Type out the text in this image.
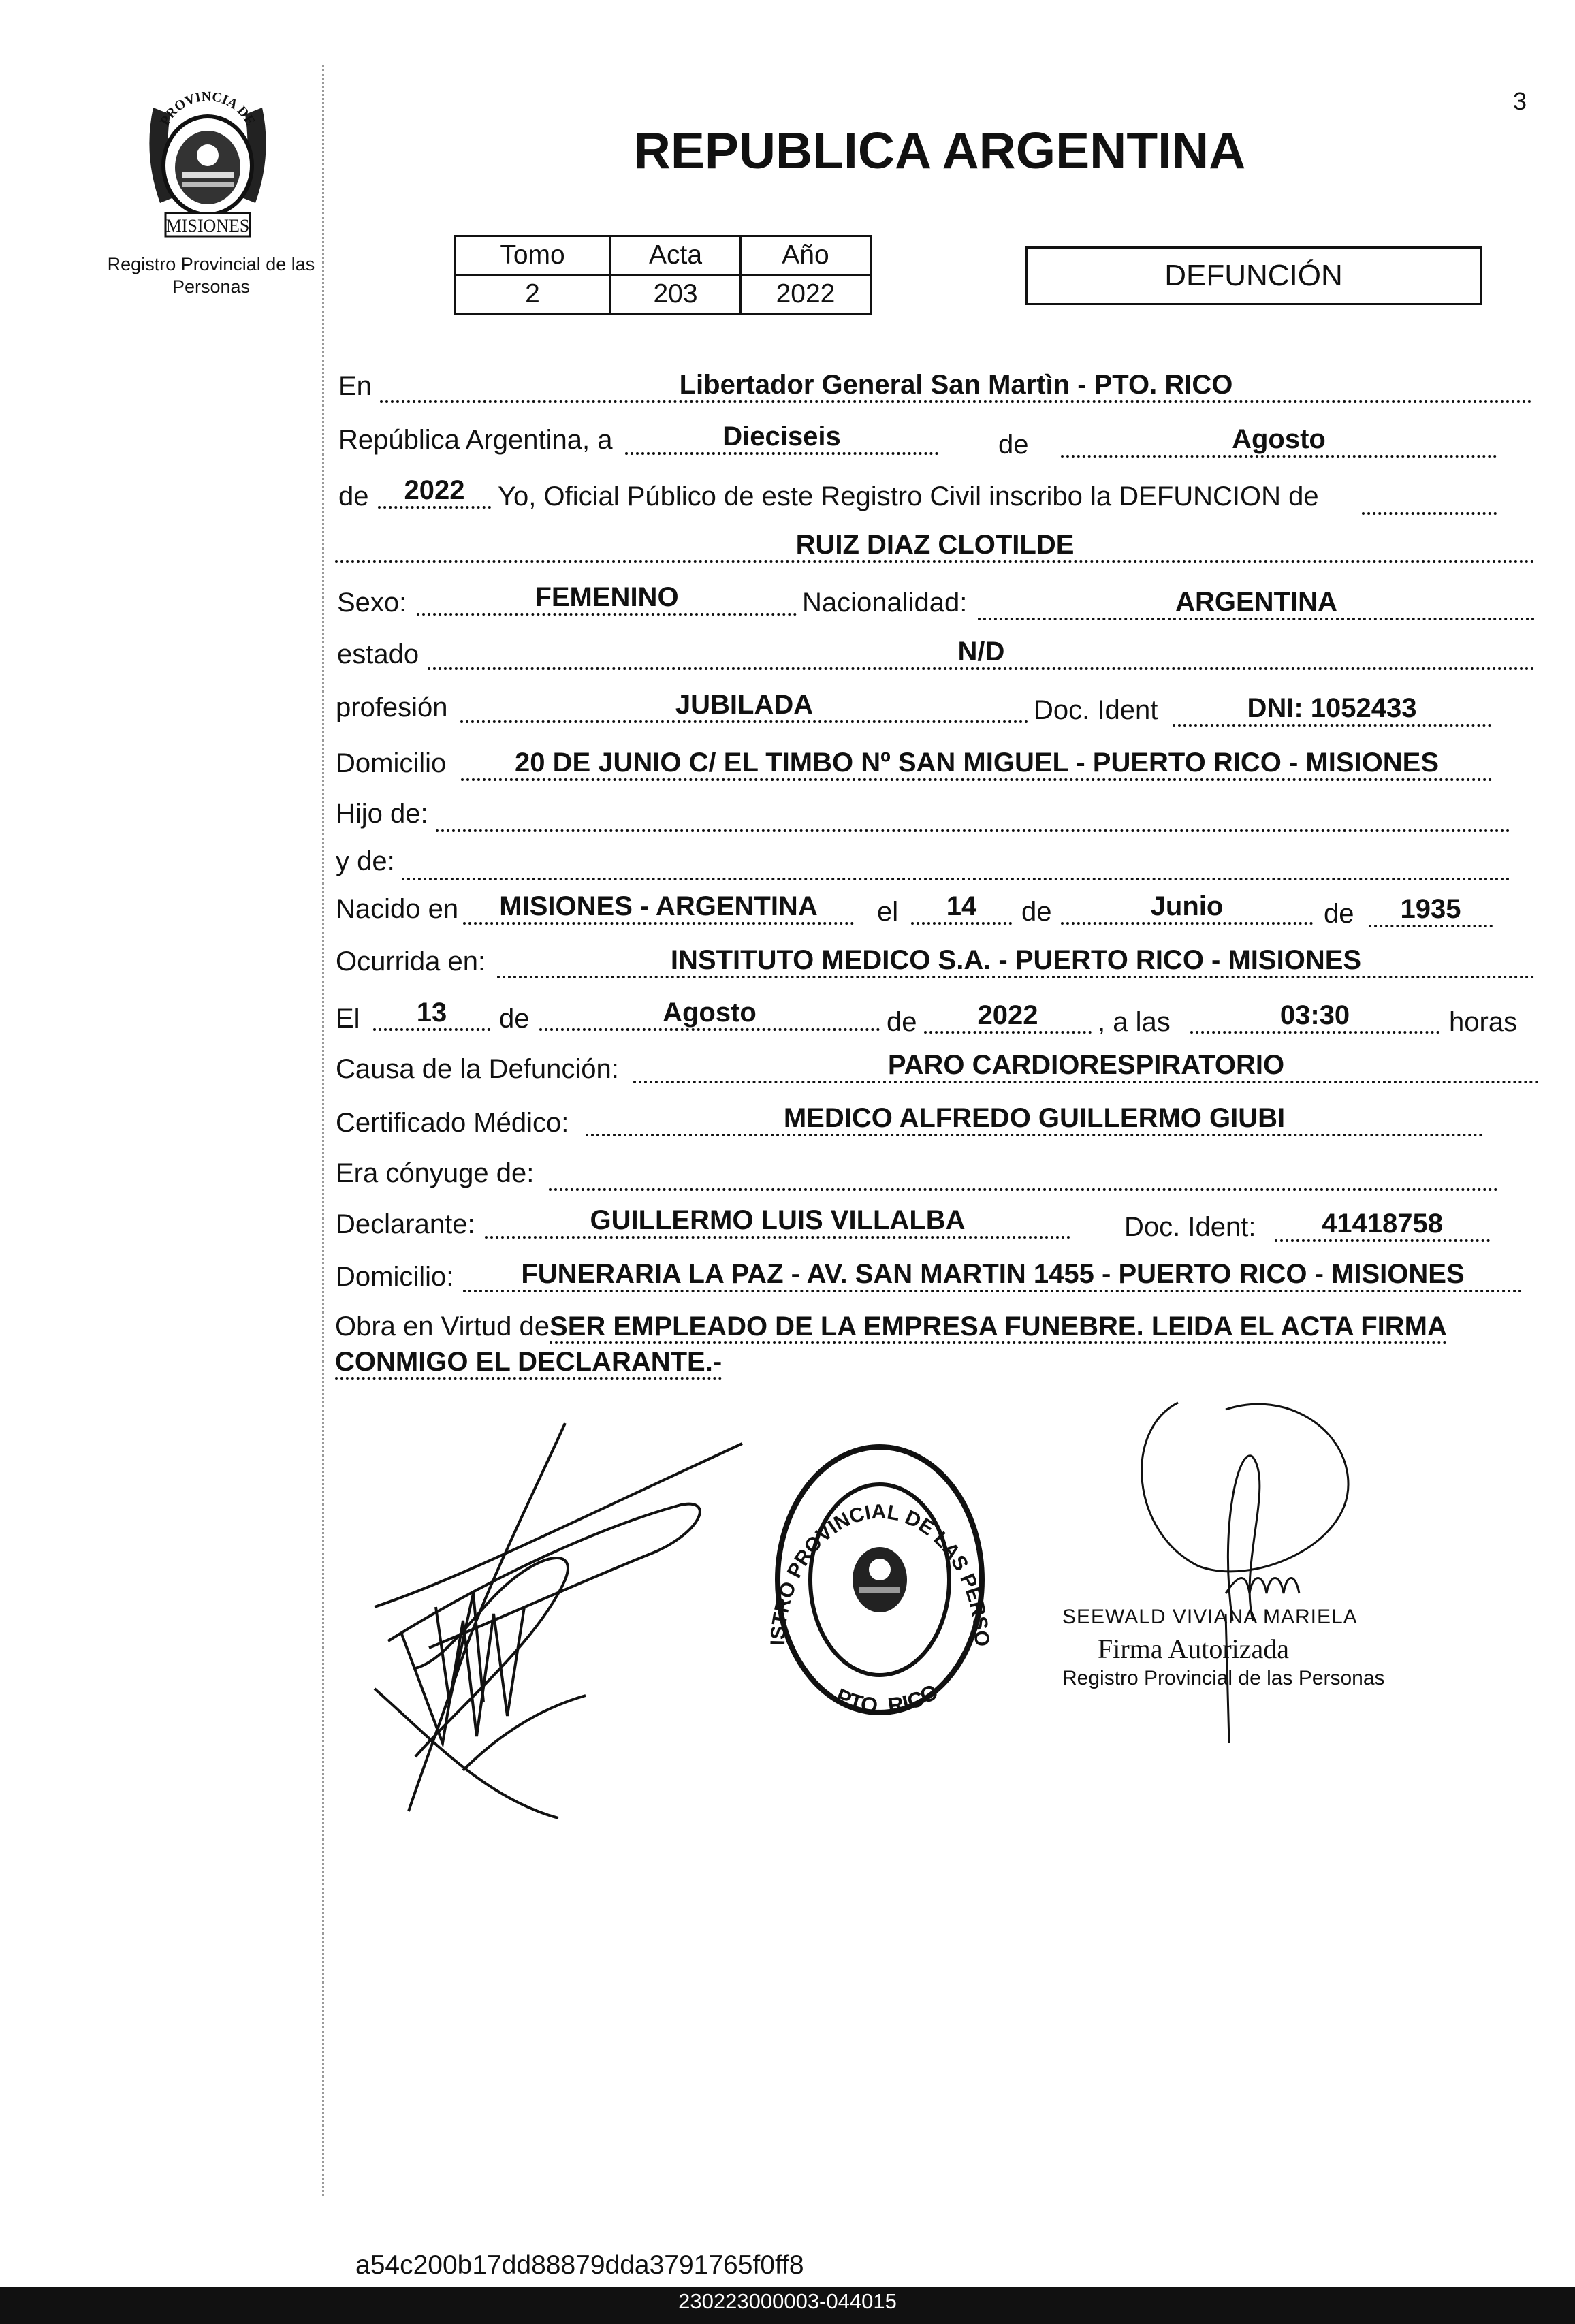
PROVINCIA DE
MISIONES
Registro Provincial de las Personas
3
REPUBLICA ARGENTINA
Tomo	Acta	Año
2	203	2022
DEFUNCIÓN
En	Libertador General San Martìn - PTO. RICO
República Argentina, a	Dieciseis	de	Agosto
de	2022	Yo, Oficial Público de este Registro Civil inscribo la DEFUNCION de
RUIZ DIAZ CLOTILDE
Sexo:	FEMENINO	Nacionalidad:	ARGENTINA
estado	N/D
profesión	JUBILADA	Doc. Ident	DNI: 1052433
Domicilio	20 DE JUNIO C/ EL TIMBO Nº SAN MIGUEL - PUERTO RICO - MISIONES
Hijo de:
y de:
Nacido en	MISIONES - ARGENTINA	el	14	de	Junio	de	1935
Ocurrida en:	INSTITUTO MEDICO S.A. - PUERTO RICO - MISIONES
El	13	de	Agosto	de	2022	, a las	03:30	horas
Causa de la Defunción:	PARO CARDIORESPIRATORIO
Certificado Médico:	MEDICO ALFREDO GUILLERMO GIUBI
Era cónyuge de:
Declarante:	GUILLERMO LUIS VILLALBA	Doc. Ident:	41418758
Domicilio:	FUNERARIA LA PAZ - AV. SAN MARTIN 1455 - PUERTO RICO - MISIONES
Obra en Virtud deSER EMPLEADO DE LA EMPRESA FUNEBRE. LEIDA EL ACTA FIRMA CONMIGO EL DECLARANTE.-
ISTRO PROVINCIAL DE LAS PERSO
PTO. RICO
SEEWALD VIVIANA MARIELA
Firma Autorizada
Registro Provincial de las Personas
a54c200b17dd88879dda3791765f0ff8
230223000003-044015
